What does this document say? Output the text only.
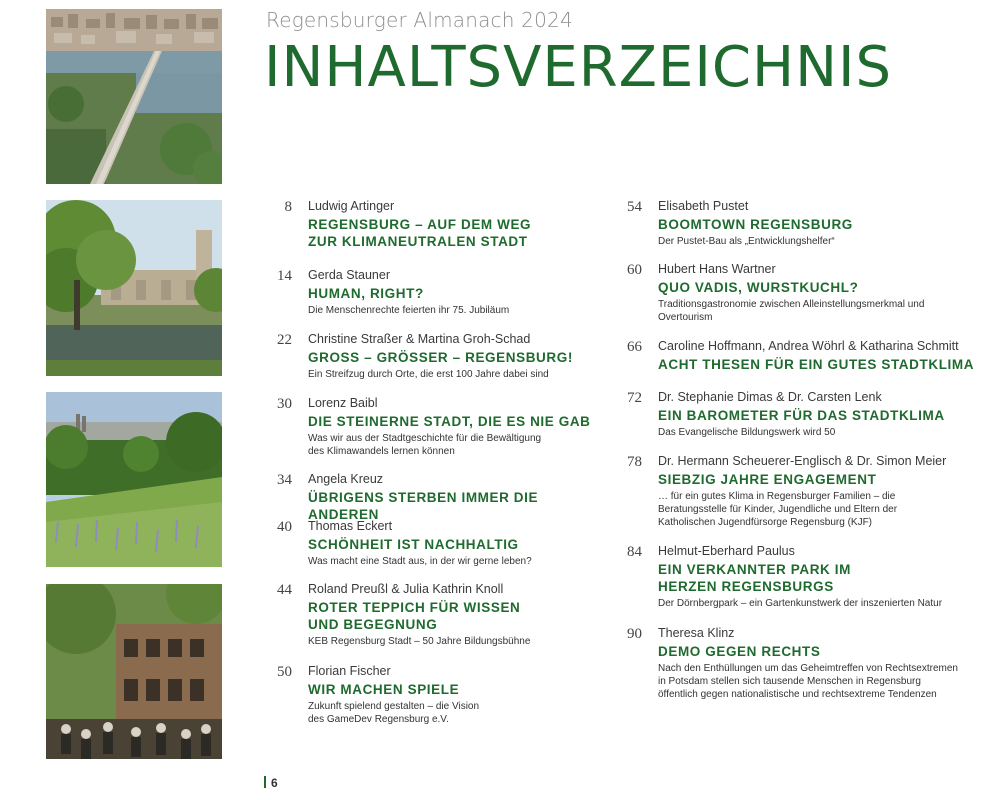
Regensburger Almanach 2024
INHALTSVERZEICHNIS
8 Ludwig Artinger
REGENSBURG – AUF DEM WEG ZUR KLIMANEUTRALEN STADT
14 Gerda Stauner
HUMAN, RIGHT?
Die Menschenrechte feierten ihr 75. Jubiläum
22 Christine Straßer & Martina Groh-Schad
GROSS – GRÖSSER – REGENSBURG!
Ein Streifzug durch Orte, die erst 100 Jahre dabei sind
30 Lorenz Baibl
DIE STEINERNE STADT, DIE ES NIE GAB
Was wir aus der Stadtgeschichte für die Bewältigung des Klimawandels lernen können
34 Angela Kreuz
ÜBRIGENS STERBEN IMMER DIE ANDEREN
40 Thomas Eckert
SCHÖNHEIT IST NACHHALTIG
Was macht eine Stadt aus, in der wir gerne leben?
44 Roland Preußl & Julia Kathrin Knoll
ROTER TEPPICH FÜR WISSEN UND BEGEGNUNG
KEB Regensburg Stadt – 50 Jahre Bildungsbühne
50 Florian Fischer
WIR MACHEN SPIELE
Zukunft spielend gestalten – die Vision des GameDev Regensburg e.V.
54 Elisabeth Pustet
BOOMTOWN REGENSBURG
Der Pustet-Bau als „Entwicklungshelfer“
60 Hubert Hans Wartner
QUO VADIS, WURSTKUCHL?
Traditionsgastronomie zwischen Alleinstellungsmerkmal und Overtourism
66 Caroline Hoffmann, Andrea Wöhrl & Katharina Schmitt
ACHT THESEN FÜR EIN GUTES STADTKLIMA
72 Dr. Stephanie Dimas & Dr. Carsten Lenk
EIN BAROMETER FÜR DAS STADTKLIMA
Das Evangelische Bildungswerk wird 50
78 Dr. Hermann Scheuerer-Englisch & Dr. Simon Meier
SIEBZIG JAHRE ENGAGEMENT
… für ein gutes Klima in Regensburger Familien – die Beratungsstelle für Kinder, Jugendliche und Eltern der Katholischen Jugendfürsorge Regensburg (KJF)
84 Helmut-Eberhard Paulus
EIN VERKANNTER PARK IM HERZEN REGENSBURGS
Der Dörnbergpark – ein Gartenkunstwerk der inszenierten Natur
90 Theresa Klinz
DEMO GEGEN RECHTS
Nach den Enthüllungen um das Geheimtreffen von Rechtsextremen in Potsdam stellen sich tausende Menschen in Regensburg öffentlich gegen nationalistische und rechtsextreme Tendenzen
6
